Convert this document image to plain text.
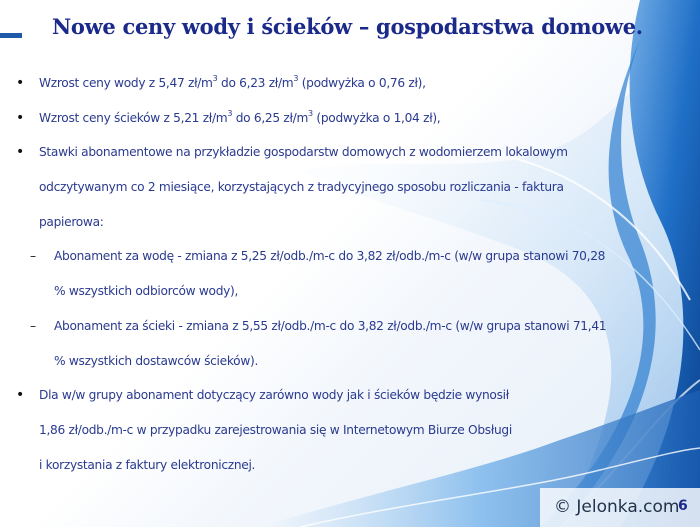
Nowe ceny wody i ścieków – gospodarstwa domowe.
• Wzrost ceny wody z 5,47 $zł/m^3$ do 6,23 $zł/m^3$ (podwyżka o 0,76 zł),
• Wzrost ceny ścieków z 5,21 $zł/m^3$ do 6,25 $zł/m^3$ (podwyżka o 1,04 zł),
• Stawki abonamentowe na przykładzie gospodarstw domowych z wodomierzem lokalowym
odczytywanym co 2 miesiące, korzystających z tradycyjnego sposobu rozliczania - faktura
papierowa:
– Abonament za wodę - zmiana z 5,25 zł/odb./m-c do 3,82 zł/odb./m-c (w/w grupa stanowi 70,28
% wszystkich odbiorców wody),
– Abonament za ścieki - zmiana z 5,55 zł/odb./m-c do 3,82 zł/odb./m-c (w/w grupa stanowi 71,41
% wszystkich dostawców ścieków).
• Dla w/w grupy abonament dotyczący zarówno wody jak i ścieków będzie wynosił
1,86 zł/odb./m-c w przypadku zarejestrowania się w Internetowym Biurze Obsługi
i korzystania z faktury elektronicznej.
© Jelonka.com
6
